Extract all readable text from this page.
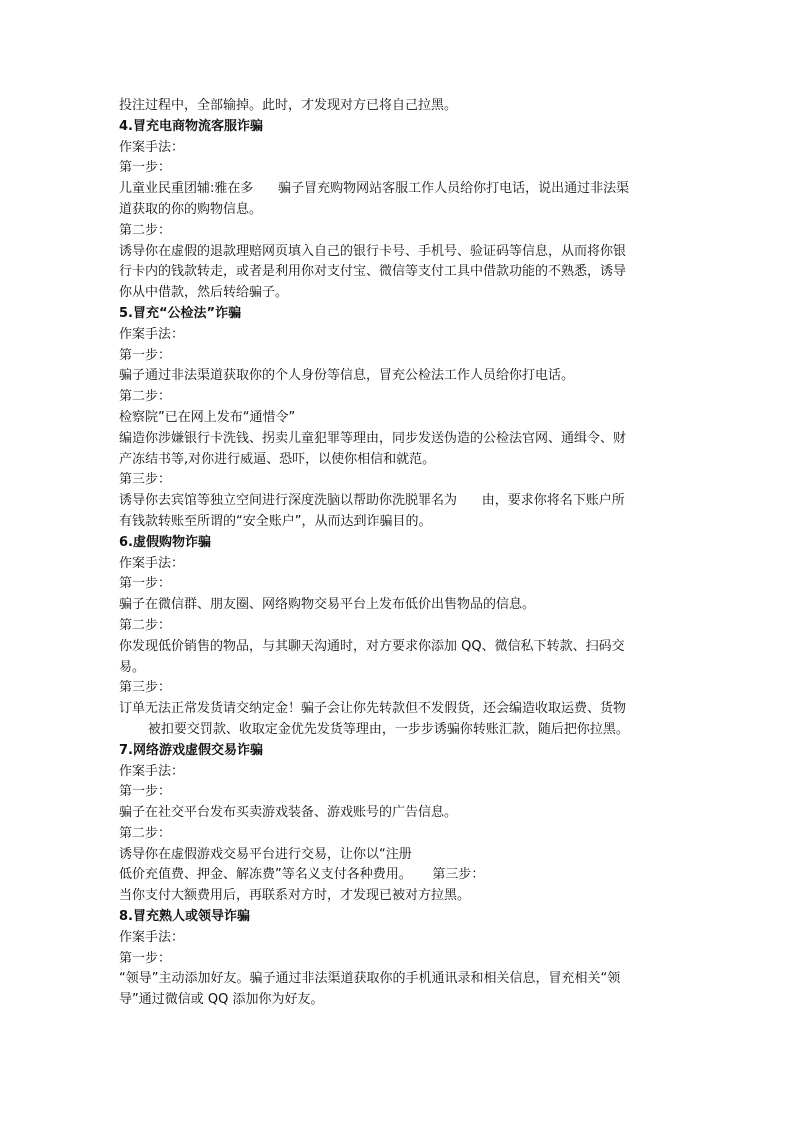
投注过程中，全部输掉。此时，才发现对方已将自己拉黑。
4.冒充电商物流客服诈骗
作案手法：
第一步：
儿童业民重团辅:雅在多      骗子冒充购物网站客服工作人员给你打电话，说出通过非法渠
道获取的你的购物信息。
第二步：
诱导你在虚假的退款理赔网页填入自己的银行卡号、手机号、验证码等信息，从而将你银
行卡内的钱款转走，或者是利用你对支付宝、微信等支付工具中借款功能的不熟悉，诱导
你从中借款，然后转给骗子。
5.冒充“公检法”诈骗
作案手法：
第一步：
骗子通过非法渠道获取你的个人身份等信息，冒充公检法工作人员给你打电话。
第二步：
检察院”已在网上发布“通惜令”
编造你涉嫌银行卡洗钱、拐卖儿童犯罪等理由，同步发送伪造的公检法官网、通缉令、财
产冻结书等,对你进行威逼、恐吓，以使你相信和就范。
第三步：
诱导你去宾馆等独立空间进行深度洗脑以帮助你洗脱罪名为      由，要求你将名下账户所
有钱款转账至所谓的“安全账户”，从而达到诈骗目的。
6.虚假购物诈骗
作案手法：
第一步：
骗子在微信群、朋友圈、网络购物交易平台上发布低价出售物品的信息。
第二步：
你发现低价销售的物品，与其聊天沟通时，对方要求你添加 QQ、微信私下转款、扫码交
易。
第三步：
订单无法正常发货请交纳定金！骗子会让你先转款但不发假货，还会编造收取运费、货物
被扣要交罚款、收取定金优先发货等理由，一步步诱骗你转账汇款，随后把你拉黑。
7.网络游戏虚假交易诈骗
作案手法：
第一步：
骗子在社交平台发布买卖游戏装备、游戏账号的广告信息。
第二步：
诱导你在虚假游戏交易平台进行交易，让你以“注册
低价充值费、押金、解冻费”等名义支付各种费用。     第三步：
当你支付大额费用后，再联系对方时，才发现已被对方拉黑。
8.冒充熟人或领导诈骗
作案手法：
第一步：
“领导”主动添加好友。骗子通过非法渠道获取你的手机通讯录和相关信息，冒充相关“领
导”通过微信或 QQ 添加你为好友。
